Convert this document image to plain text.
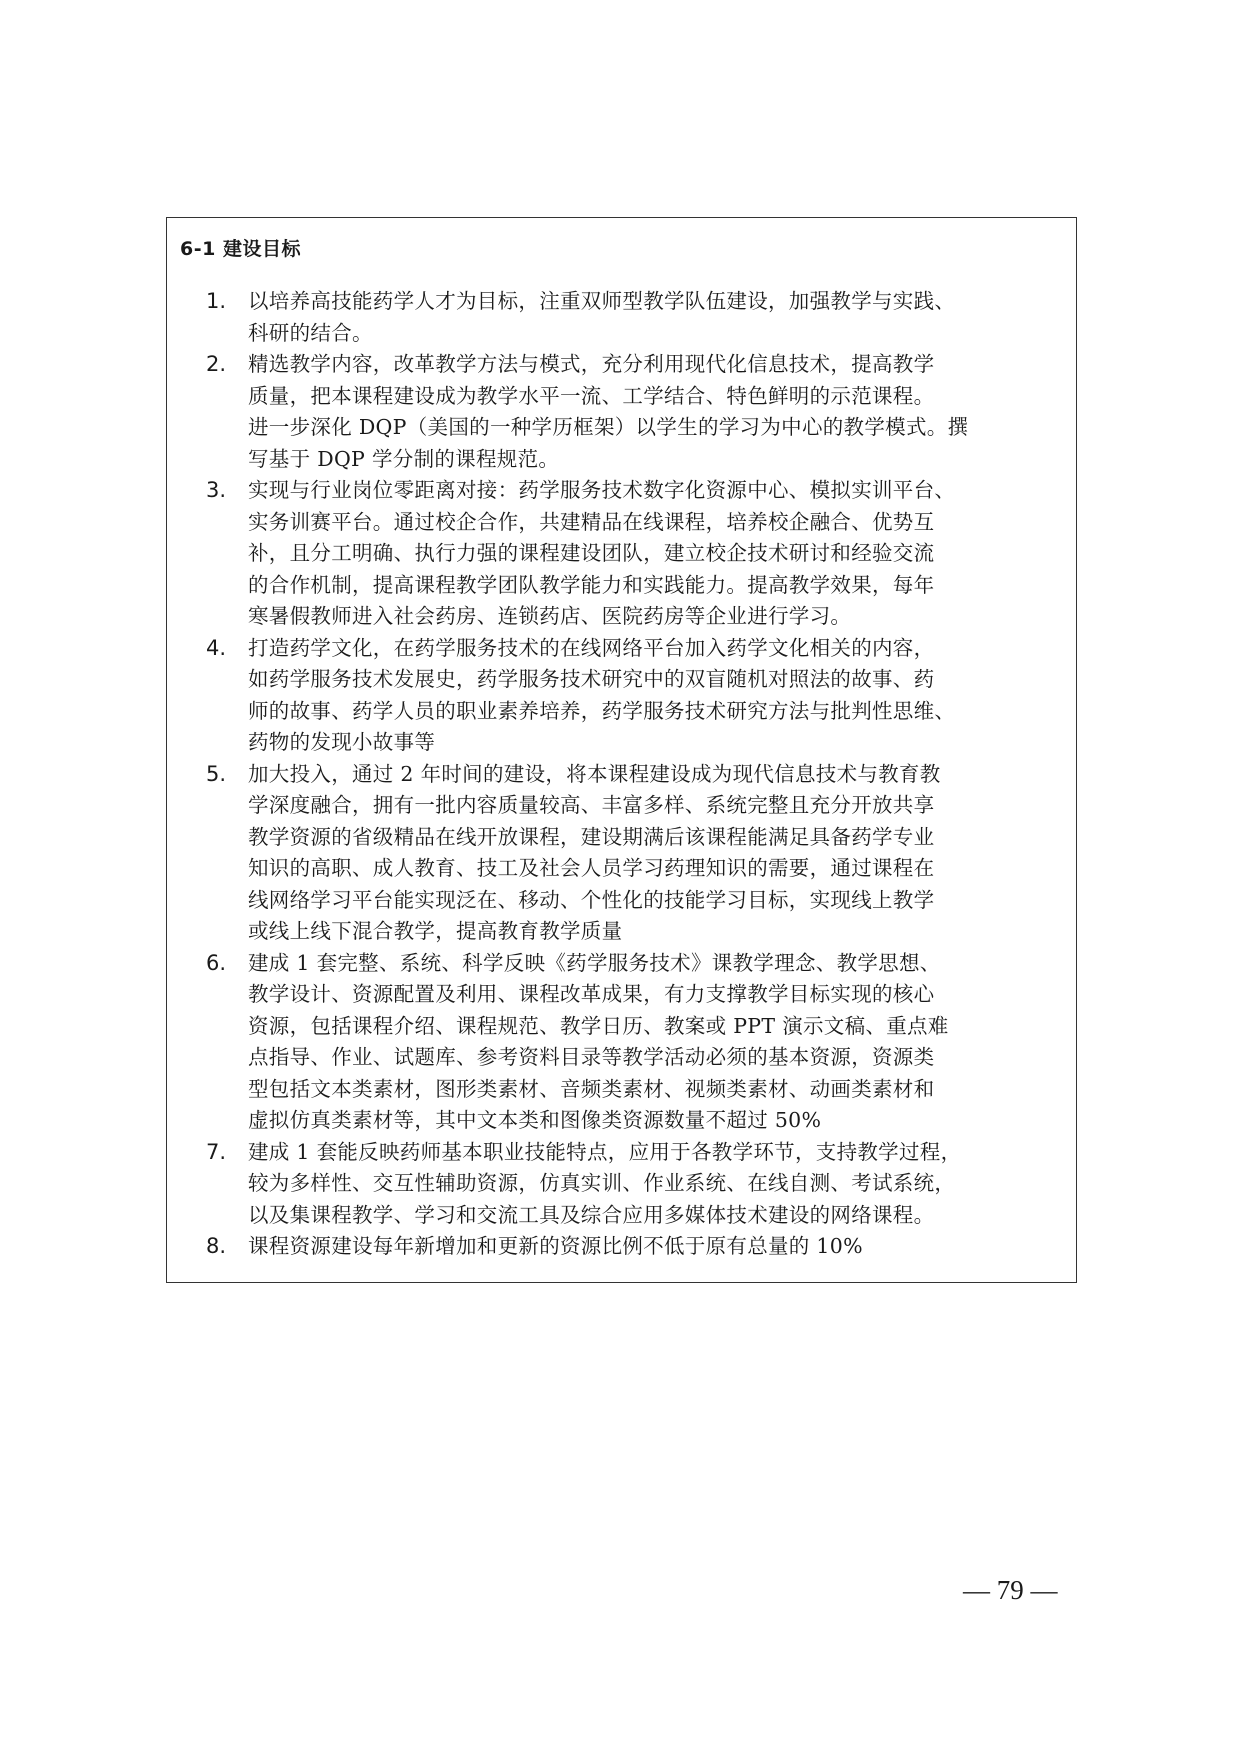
6-1 建设目标
1. 以培养高技能药学人才为目标，注重双师型教学队伍建设，加强教学与实践、
科研的结合。
2. 精选教学内容，改革教学方法与模式，充分利用现代化信息技术，提高教学
质量，把本课程建设成为教学水平一流、工学结合、特色鲜明的示范课程。
进一步深化 DQP（美国的一种学历框架）以学生的学习为中心的教学模式。撰
写基于 DQP 学分制的课程规范。
3. 实现与行业岗位零距离对接：药学服务技术数字化资源中心、模拟实训平台、
实务训赛平台。通过校企合作，共建精品在线课程，培养校企融合、优势互
补，且分工明确、执行力强的课程建设团队，建立校企技术研讨和经验交流
的合作机制，提高课程教学团队教学能力和实践能力。提高教学效果，每年
寒暑假教师进入社会药房、连锁药店、医院药房等企业进行学习。
4. 打造药学文化，在药学服务技术的在线网络平台加入药学文化相关的内容，
如药学服务技术发展史，药学服务技术研究中的双盲随机对照法的故事、药
师的故事、药学人员的职业素养培养，药学服务技术研究方法与批判性思维、
药物的发现小故事等
5. 加大投入，通过 2 年时间的建设，将本课程建设成为现代信息技术与教育教
学深度融合，拥有一批内容质量较高、丰富多样、系统完整且充分开放共享
教学资源的省级精品在线开放课程，建设期满后该课程能满足具备药学专业
知识的高职、成人教育、技工及社会人员学习药理知识的需要，通过课程在
线网络学习平台能实现泛在、移动、个性化的技能学习目标，实现线上教学
或线上线下混合教学，提高教育教学质量
6. 建成 1 套完整、系统、科学反映《药学服务技术》课教学理念、教学思想、
教学设计、资源配置及利用、课程改革成果，有力支撑教学目标实现的核心
资源，包括课程介绍、课程规范、教学日历、教案或 PPT 演示文稿、重点难
点指导、作业、试题库、参考资料目录等教学活动必须的基本资源，资源类
型包括文本类素材，图形类素材、音频类素材、视频类素材、动画类素材和
虚拟仿真类素材等，其中文本类和图像类资源数量不超过 50%
7. 建成 1 套能反映药师基本职业技能特点，应用于各教学环节，支持教学过程，
较为多样性、交互性辅助资源，仿真实训、作业系统、在线自测、考试系统，
以及集课程教学、学习和交流工具及综合应用多媒体技术建设的网络课程。
8. 课程资源建设每年新增加和更新的资源比例不低于原有总量的 10%
— 79 —
